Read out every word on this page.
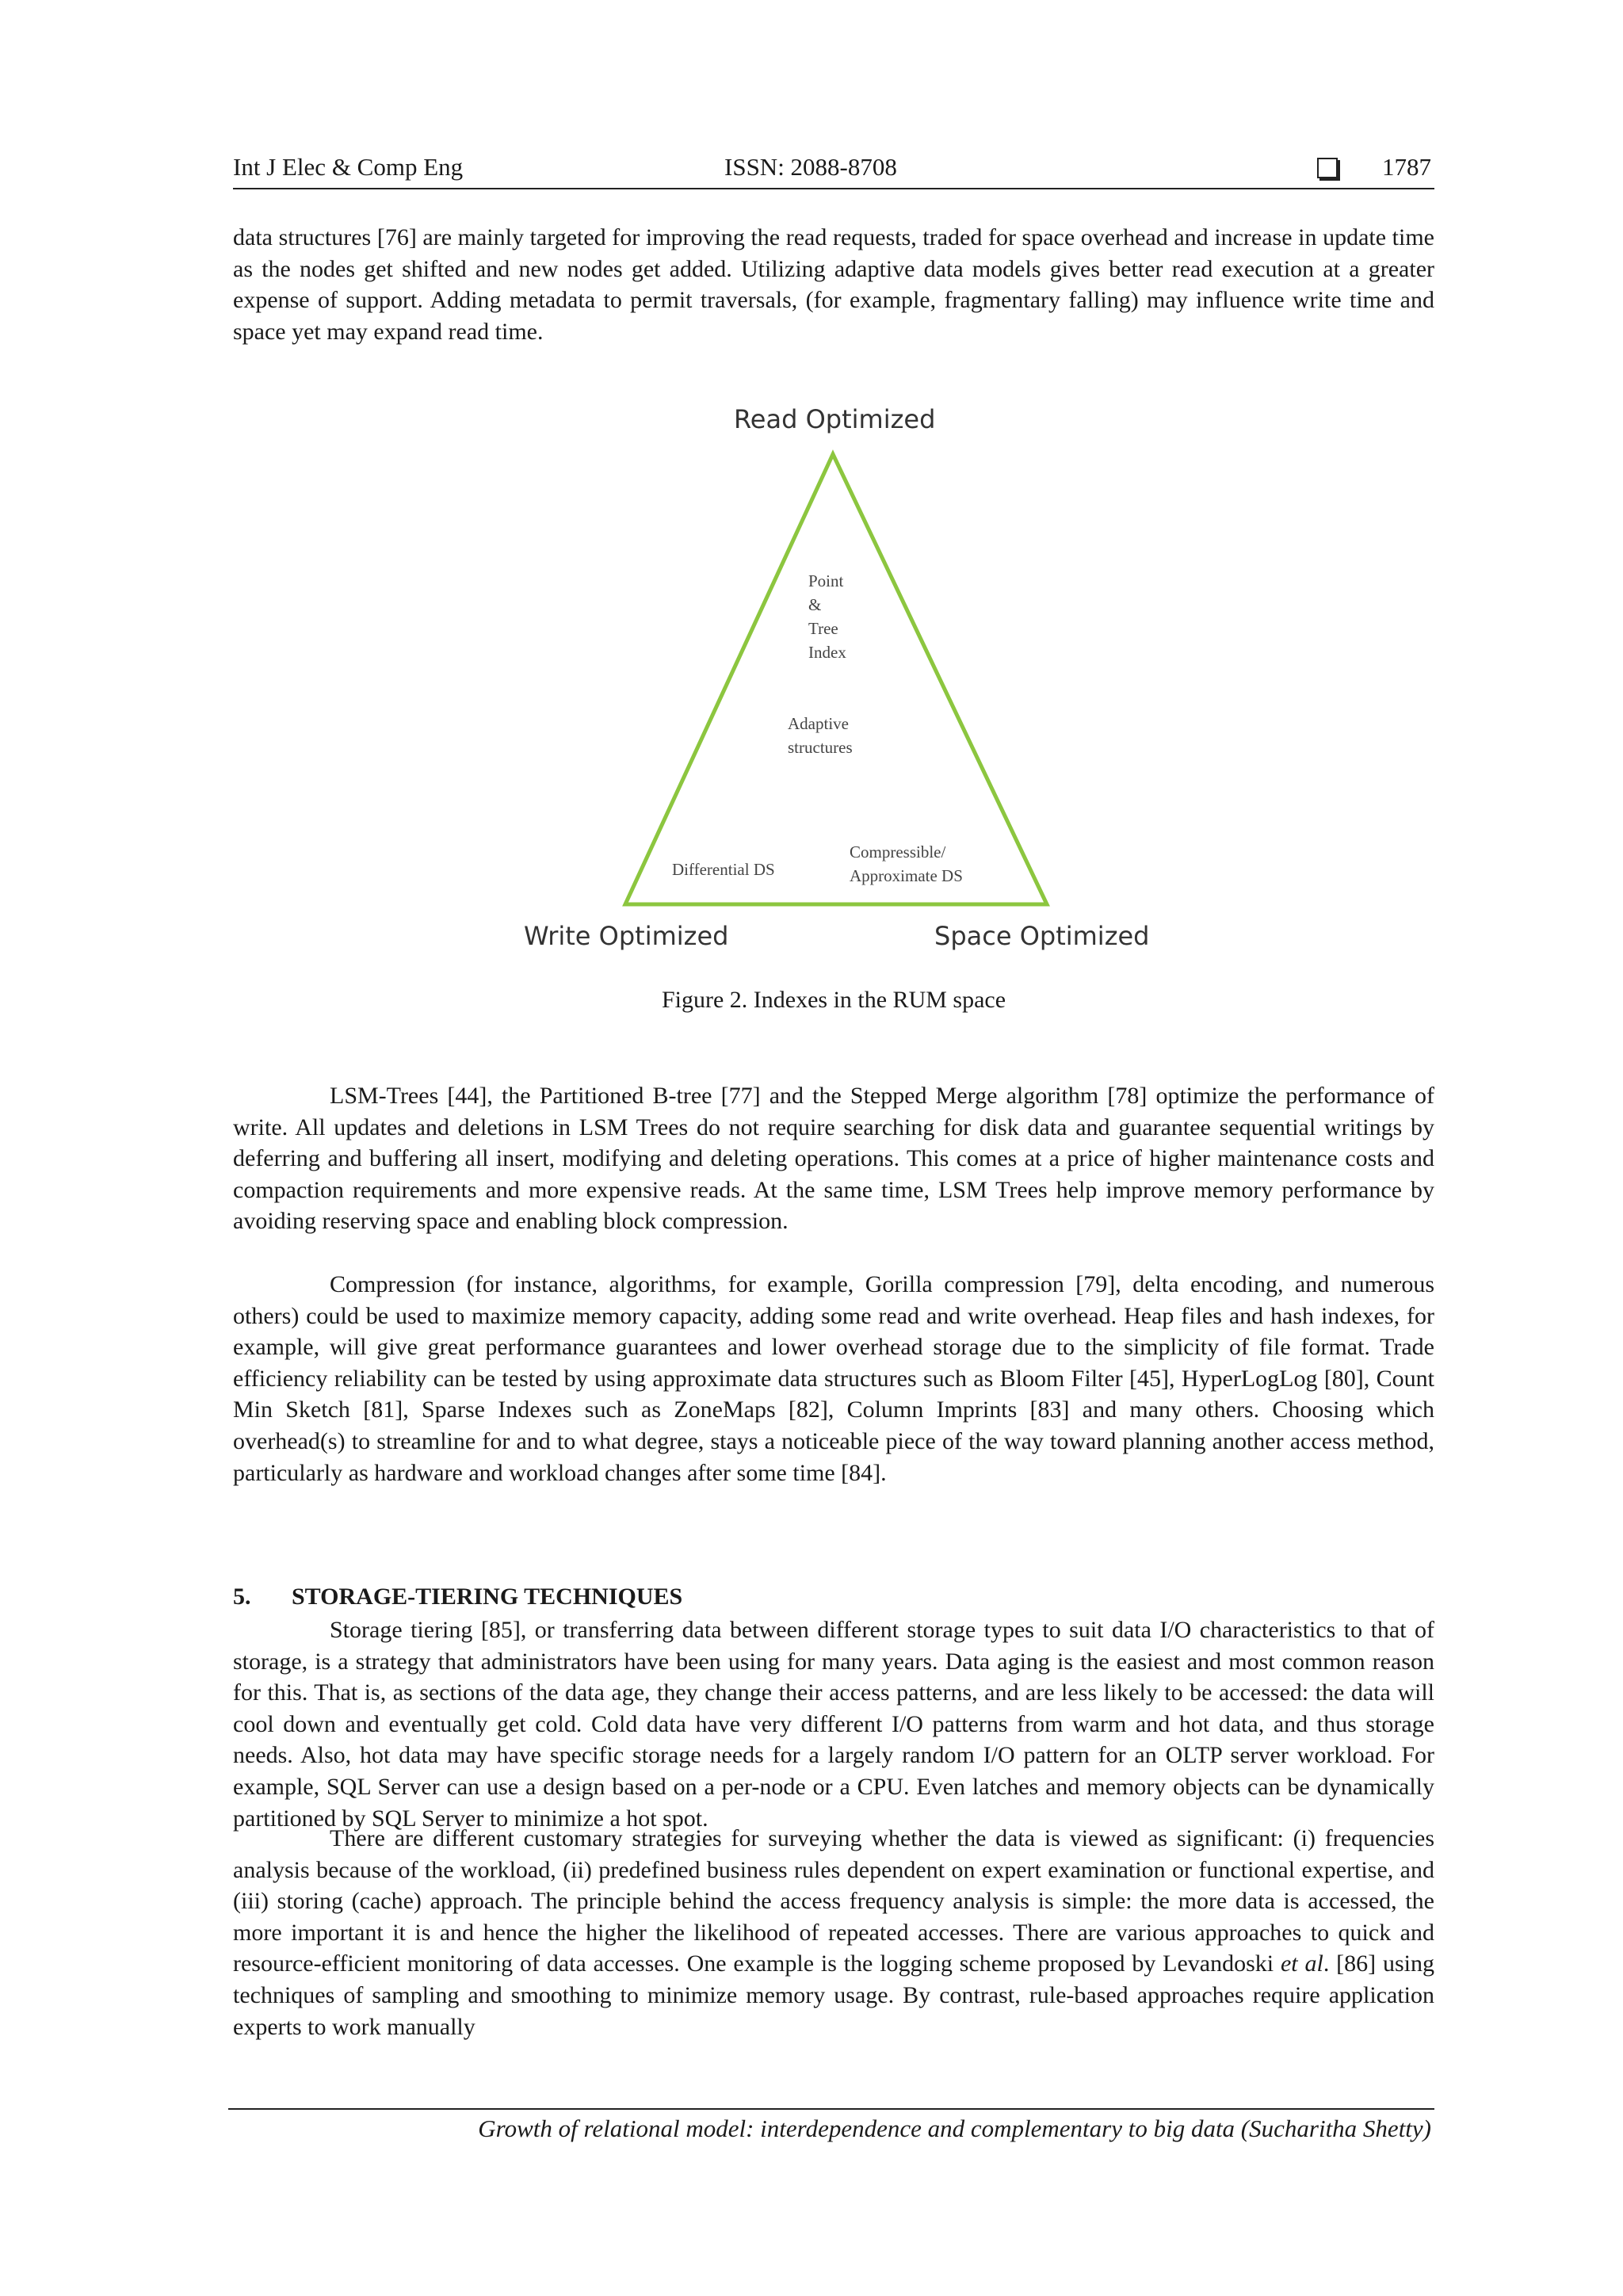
Int J Elec & Comp Eng	ISSN: 2088-8708	1787

data structures [76] are mainly targeted for improving the read requests, traded for space overhead and increase in update time as the nodes get shifted and new nodes get added. Utilizing adaptive data models gives better read execution at a greater expense of support. Adding metadata to permit traversals, (for example, fragmentary falling) may influence write time and space yet may expand read time.

Read Optimized
Write Optimized	Space Optimized
Point
&
Tree
Index
Adaptive
structures
Differential DS
Compressible/
Approximate DS
Figure 2. Indexes in the RUM space

LSM-Trees [44], the Partitioned B-tree [77] and the Stepped Merge algorithm [78] optimize the performance of write. All updates and deletions in LSM Trees do not require searching for disk data and guarantee sequential writings by deferring and buffering all insert, modifying and deleting operations. This comes at a price of higher maintenance costs and compaction requirements and more expensive reads. At the same time, LSM Trees help improve memory performance by avoiding reserving space and enabling block compression.

Compression (for instance, algorithms, for example, Gorilla compression [79], delta encoding, and numerous others) could be used to maximize memory capacity, adding some read and write overhead. Heap files and hash indexes, for example, will give great performance guarantees and lower overhead storage due to the simplicity of file format. Trade efficiency reliability can be tested by using approximate data structures such as Bloom Filter [45], HyperLogLog [80], Count Min Sketch [81], Sparse Indexes such as ZoneMaps [82], Column Imprints [83] and many others. Choosing which overhead(s) to streamline for and to what degree, stays a noticeable piece of the way toward planning another access method, particularly as hardware and workload changes after some time [84].

5. STORAGE-TIERING TECHNIQUES

Storage tiering [85], or transferring data between different storage types to suit data I/O characteristics to that of storage, is a strategy that administrators have been using for many years. Data aging is the easiest and most common reason for this. That is, as sections of the data age, they change their access patterns, and are less likely to be accessed: the data will cool down and eventually get cold. Cold data have very different I/O patterns from warm and hot data, and thus storage needs. Also, hot data may have specific storage needs for a largely random I/O pattern for an OLTP server workload. For example, SQL Server can use a design based on a per-node or a CPU. Even latches and memory objects can be dynamically partitioned by SQL Server to minimize a hot spot.

There are different customary strategies for surveying whether the data is viewed as significant: (i) frequencies analysis because of the workload, (ii) predefined business rules dependent on expert examination or functional expertise, and (iii) storing (cache) approach. The principle behind the access frequency analysis is simple: the more data is accessed, the more important it is and hence the higher the likelihood of repeated accesses. There are various approaches to quick and resource-efficient monitoring of data accesses. One example is the logging scheme proposed by Levandoski et al. [86] using techniques of sampling and smoothing to minimize memory usage. By contrast, rule-based approaches require application experts to work manually

Growth of relational model: interdependence and complementary to big data (Sucharitha Shetty)
